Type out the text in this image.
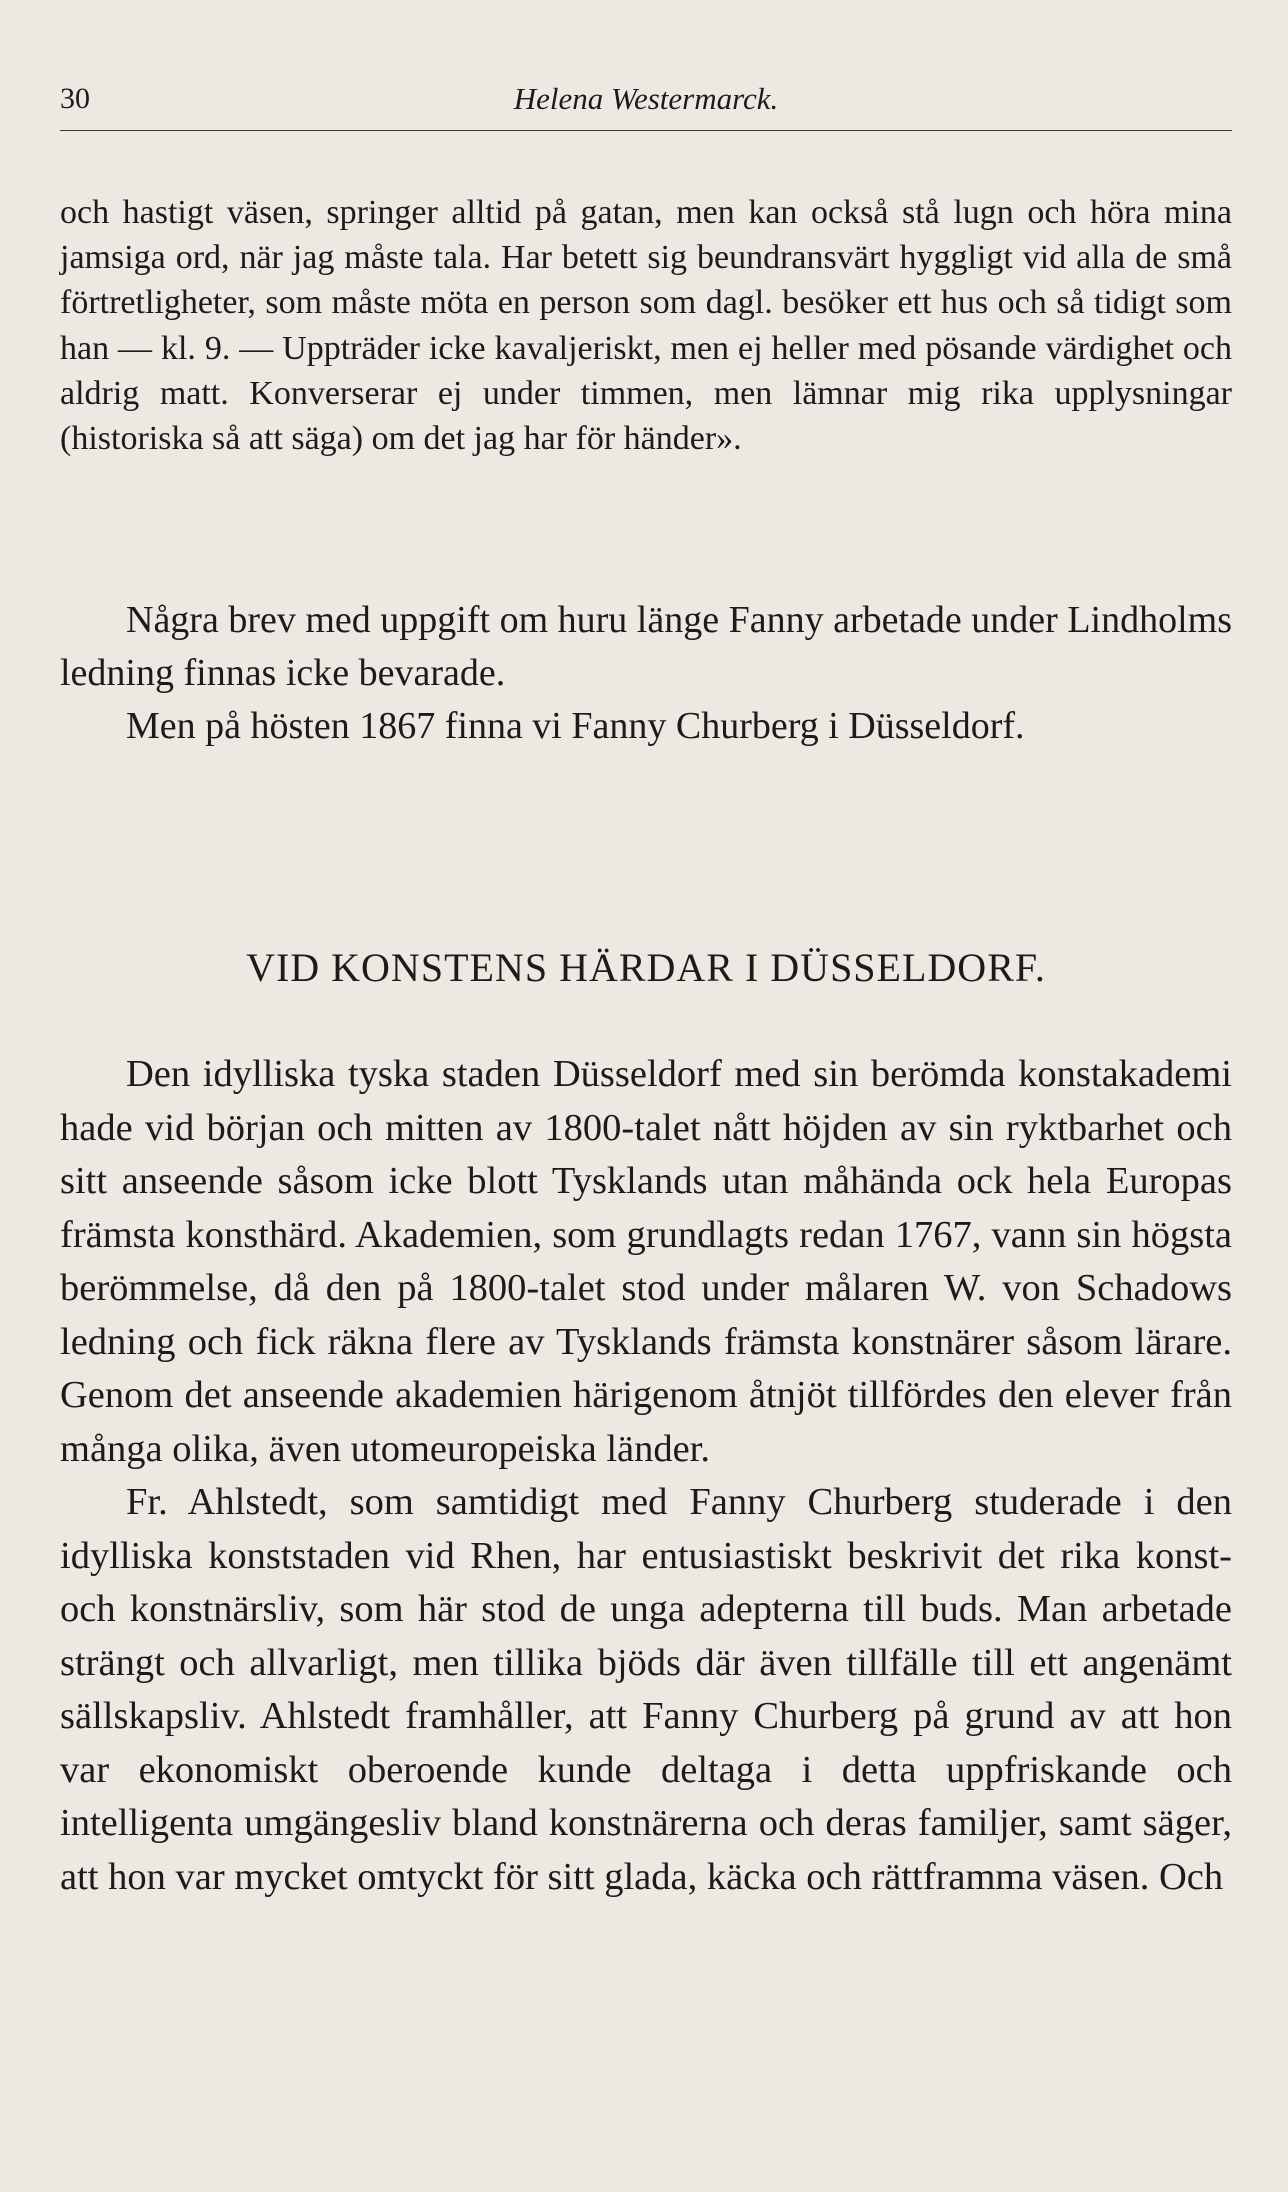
30	Helena Westermarck.

och hastigt väsen, springer alltid på gatan, men kan också stå lugn och höra mina jamsiga ord, när jag måste tala. Har betett sig beundransvärt hyggligt vid alla de små förtretligheter, som måste möta en person som dagl. besöker ett hus och så tidigt som han — kl. 9. — Uppträder icke kavaljeriskt, men ej heller med pösande värdighet och aldrig matt. Konverserar ej under timmen, men lämnar mig rika upplysningar (historiska så att säga) om det jag har för händer».

Några brev med uppgift om huru länge Fanny arbetade under Lindholms ledning finnas icke bevarade.

Men på hösten 1867 finna vi Fanny Churberg i Düsseldorf.

VID KONSTENS HÄRDAR I DÜSSELDORF.

Den idylliska tyska staden Düsseldorf med sin berömda konstakademi hade vid början och mitten av 1800-talet nått höjden av sin ryktbarhet och sitt anseende såsom icke blott Tysklands utan måhända ock hela Europas främsta konsthärd. Akademien, som grundlagts redan 1767, vann sin högsta berömmelse, då den på 1800-talet stod under målaren W. von Schadows ledning och fick räkna flere av Tysklands främsta konstnärer såsom lärare. Genom det anseende akademien härigenom åtnjöt tillfördes den elever från många olika, även utomeuropeiska länder.

Fr. Ahlstedt, som samtidigt med Fanny Churberg studerade i den idylliska konststaden vid Rhen, har entusiastiskt beskrivit det rika konst- och konstnärsliv, som här stod de unga adepterna till buds. Man arbetade strängt och allvarligt, men tillika bjöds där även tillfälle till ett angenämt sällskapsliv. Ahlstedt framhåller, att Fanny Churberg på grund av att hon var ekonomiskt oberoende kunde deltaga i detta uppfriskande och intelligenta umgängesliv bland konstnärerna och deras familjer, samt säger, att hon var mycket omtyckt för sitt glada, käcka och rättframma väsen. Och
